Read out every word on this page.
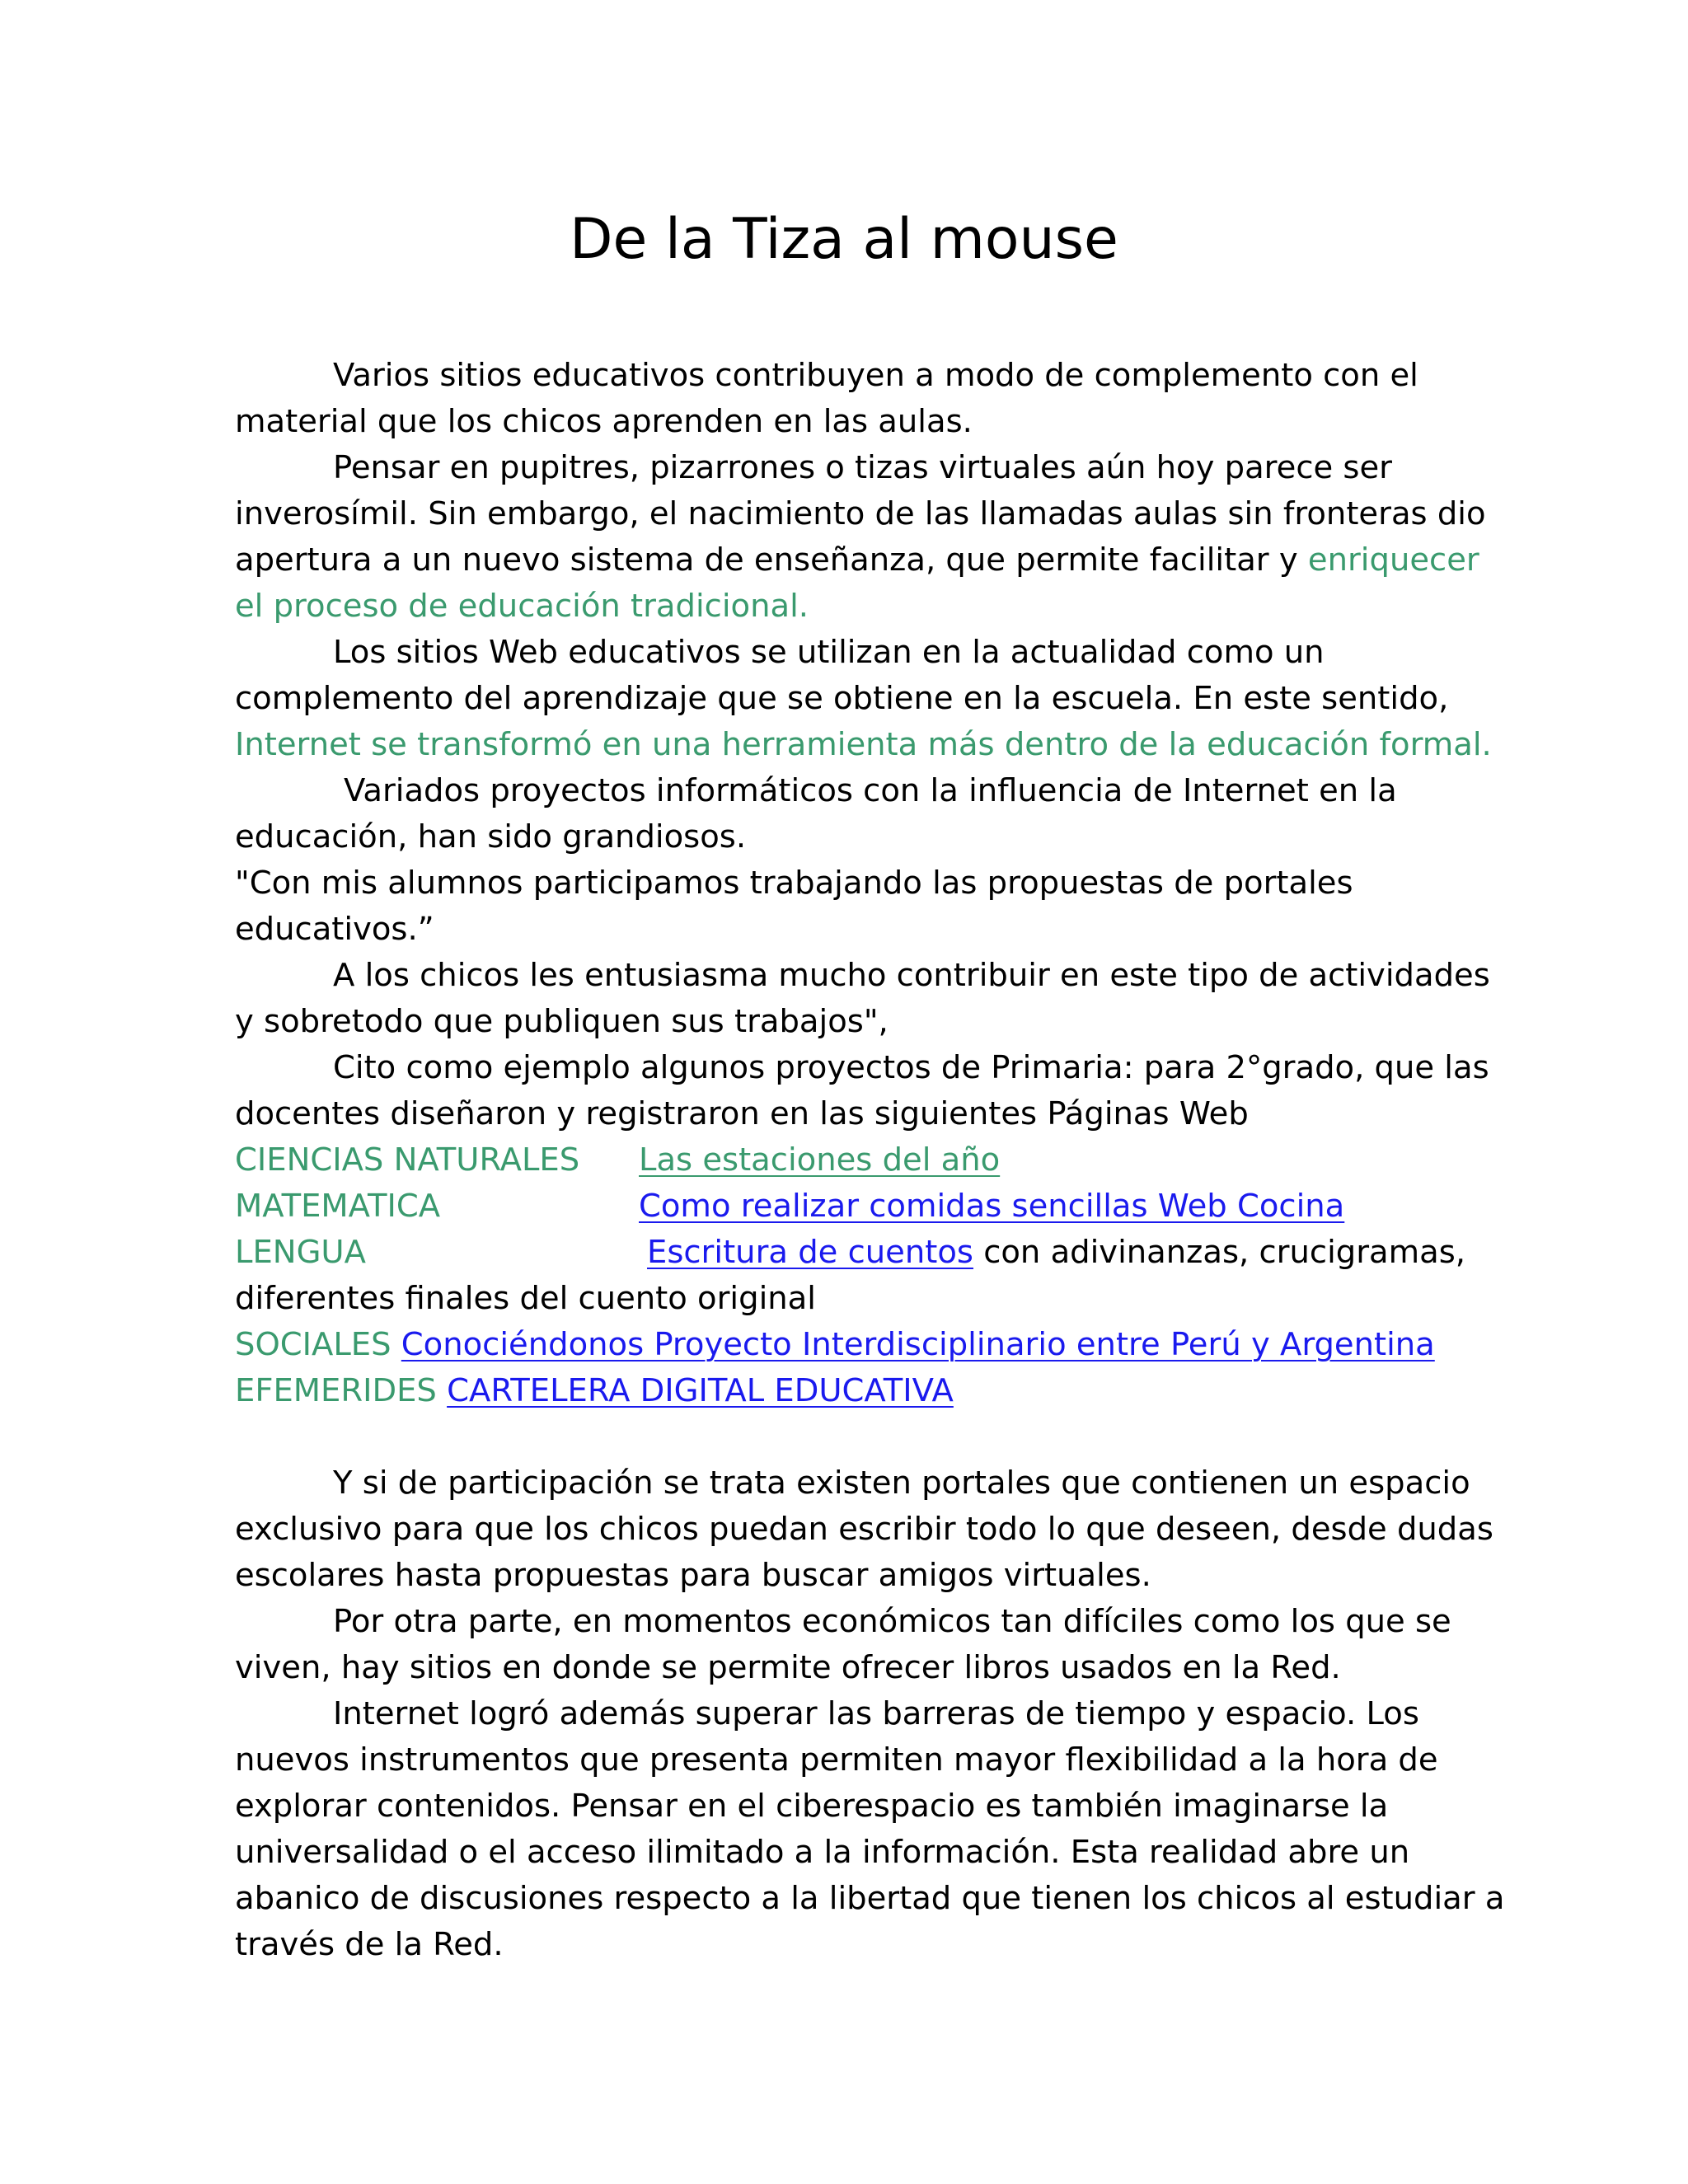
De la Tiza al mouse
Varios sitios educativos contribuyen a modo de complemento con el
material que los chicos aprenden en las aulas.
Pensar en pupitres, pizarrones o tizas virtuales aún hoy parece ser
inverosímil. Sin embargo, el nacimiento de las llamadas aulas sin fronteras dio
apertura a un nuevo sistema de enseñanza, que permite facilitar y enriquecer
el proceso de educación tradicional.
Los sitios Web educativos se utilizan en la actualidad como un
complemento del aprendizaje que se obtiene en la escuela. En este sentido,
Internet se transformó en una herramienta más dentro de la educación formal.
Variados proyectos informáticos con la influencia de Internet en la
educación, han sido grandiosos.
"Con mis alumnos participamos trabajando las propuestas de portales
educativos.”
A los chicos les entusiasma mucho contribuir en este tipo de actividades
y sobretodo que publiquen sus trabajos",
Cito como ejemplo algunos proyectos de Primaria: para 2°grado, que las
docentes diseñaron y registraron en las siguientes Páginas Web
CIENCIAS NATURALES Las estaciones del año
MATEMATICA	Como realizar comidas sencillas Web Cocina
LENGUA	Escritura de cuentos con adivinanzas, crucigramas,
diferentes finales del cuento original
SOCIALES Conociéndonos Proyecto Interdisciplinario entre Perú y Argentina
EFEMERIDES CARTELERA DIGITAL EDUCATIVA
Y si de participación se trata existen portales que contienen un espacio
exclusivo para que los chicos puedan escribir todo lo que deseen, desde dudas
escolares hasta propuestas para buscar amigos virtuales.
Por otra parte, en momentos económicos tan difíciles como los que se
viven, hay sitios en donde se permite ofrecer libros usados en la Red.
Internet logró además superar las barreras de tiempo y espacio. Los
nuevos instrumentos que presenta permiten mayor flexibilidad a la hora de
explorar contenidos. Pensar en el ciberespacio es también imaginarse la
universalidad o el acceso ilimitado a la información. Esta realidad abre un
abanico de discusiones respecto a la libertad que tienen los chicos al estudiar a
través de la Red.
